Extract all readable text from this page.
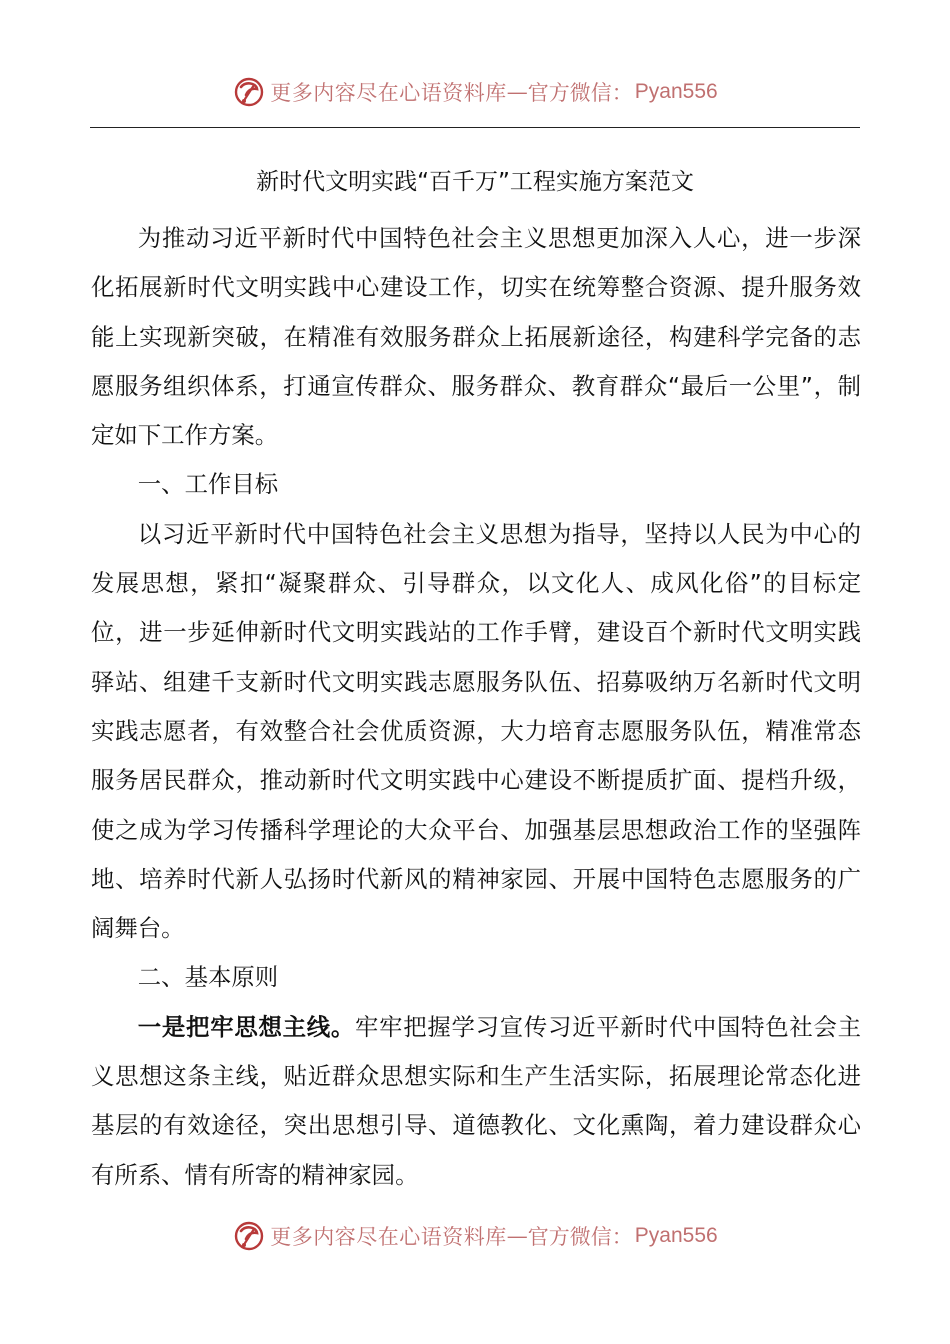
更多内容尽在心语资料库 — 官方微信： Pyan556
新时代文明实践“百千万”工程实施方案范文

为推动习近平新时代中国特色社会主义思想更加深入人心，进一步深化拓展新时代文明实践中心建设工作，切实在统筹整合资源、提升服务效能上实现新突破，在精准有效服务群众上拓展新途径，构建科学完备的志愿服务组织体系，打通宣传群众、服务群众、教育群众“最后一公里”，制定如下工作方案。

一、工作目标

以习近平新时代中国特色社会主义思想为指导，坚持以人民为中心的发展思想，紧扣“凝聚群众、引导群众，以文化人、成风化俗”的目标定位，进一步延伸新时代文明实践站的工作手臂，建设百个新时代文明实践驿站、组建千支新时代文明实践志愿服务队伍、招募吸纳万名新时代文明实践志愿者，有效整合社会优质资源，大力培育志愿服务队伍，精准常态服务居民群众，推动新时代文明实践中心建设不断提质扩面、提档升级，使之成为学习传播科学理论的大众平台、加强基层思想政治工作的坚强阵地、培养时代新人弘扬时代新风的精神家园、开展中国特色志愿服务的广阔舞台。

二、基本原则

一是把牢思想主线。牢牢把握学习宣传习近平新时代中国特色社会主义思想这条主线，贴近群众思想实际和生产生活实际，拓展理论常态化进基层的有效途径，突出思想引导、道德教化、文化熏陶，着力建设群众心有所系、情有所寄的精神家园。

更多内容尽在心语资料库 — 官方微信： Pyan556
